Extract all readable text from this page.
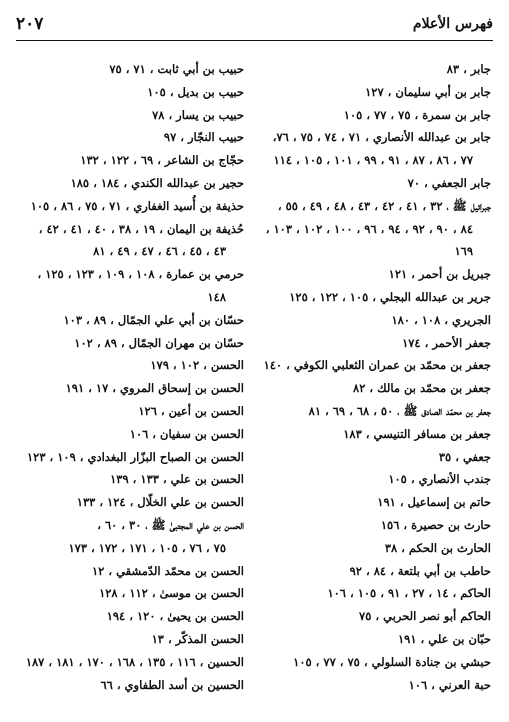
فهرس الأعلام
٢٠٧
جابر ، ٨٣
جابر بن أبي سليمان ، ١٢٧
جابر بن سمرة ، ٧٥ ، ٧٧ ، ١٠٥
جابر بن عبدالله الأنصاري ، ٧١ ، ٧٤ ، ٧٥ ، ٧٦،
٧٧ ، ٨٦ ، ٨٧ ، ٩١ ، ٩٩ ، ١٠١ ، ١٠٥ ، ١١٤
جابر الجعفي ، ٧٠
جبرائيل ﷺ ، ٣٢ ، ٤١ ، ٤٢ ، ٤٣ ، ٤٨ ، ٤٩ ، ٥٥ ،
٨٤ ، ٩٠ ، ٩٢ ، ٩٤ ، ٩٦ ، ١٠٠ ، ١٠٢ ، ١٠٣ ،
١٦٩
جبريل بن أحمر ، ١٢١
جرير بن عبدالله البجلي ، ١٠٥ ، ١٢٢ ، ١٢٥
الجريري ، ١٠٨ ، ١٨٠
جعفر الأحمر ، ١٧٤
جعفر بن محمّد بن عمران الثعلبي الكوفي ، ١٤٠
جعفر بن محمّد بن مالك ، ٨٢
جعفر بن محمّد الصادق ﷺ ، ٥٠ ، ٦٨ ، ٦٩ ، ٨١
جعفر بن مسافر التنيسي ، ١٨٣
جعفي ، ٣٥
جندب الأنصاري ، ١٠٥
حاتم بن إسماعيل ، ١٩١
حارث بن حصيرة ، ١٥٦
الحارث بن الحكم ، ٣٨
حاطب بن أبي بلتعة ، ٨٤ ، ٩٢
الحاكم ، ١٤ ، ٢٧ ، ٩١ ، ١٠٥ ، ١٠٦
الحاكم أبو نصر الحربي ، ٧٥
حبّان بن علي ، ١٩١
حبشي بن جنادة السلولي ، ٧٥ ، ٧٧ ، ١٠٥
حبة العرني ، ١٠٦
حبيب بن أبي ثابت ، ٧١ ، ٧٥
حبيب بن بديل ، ١٠٥
حبيب بن يسار ، ٧٨
حبيب النجّار ، ٩٧
حجّاج بن الشاعر ، ٦٩ ، ١٢٢ ، ١٣٢
حجير بن عبدالله الكندي ، ١٨٤ ، ١٨٥
حذيفة بن أُسيد الغفاري ، ٧١ ، ٧٥ ، ٨٦ ، ١٠٥
حُذيفة بن اليمان ، ١٩ ، ٣٨ ، ٤٠ ، ٤١ ، ٤٢ ،
٤٣ ، ٤٥ ، ٤٦ ، ٤٧ ، ٤٩ ، ٨١
حرمي بن عمارة ، ١٠٨ ، ١٠٩ ، ١٢٣ ، ١٢٥ ،
١٤٨
حسّان بن أبي علي الجمّال ، ٨٩ ، ١٠٣
حسّان بن مهران الجمّال ، ٨٩ ، ١٠٢
الحسن ، ١٠٢ ، ١٧٩
الحسن بن إسحاق المروي ، ١٧ ، ١٩١
الحسن بن أعين ، ١٢٦
الحسن بن سفيان ، ١٠٦
الحسن بن الصباح البزّار البغدادي ، ١٠٩ ، ١٢٣
الحسن بن علي ، ١٣٣ ، ١٣٩
الحسن بن علي الخلّال ، ١٢٤ ، ١٣٣
الحسن بن علي المجتبىٰ ﷺ ، ٣٠ ، ٦٠ ،
٧٥ ، ٧٦ ، ١٠٥ ، ١٧١ ، ١٧٢ ، ١٧٣
الحسن بن محمّد الدّمشقي ، ١٢
الحسن بن موسىٰ ، ١١٢ ، ١٢٨
الحسن بن يحيىٰ ، ١٢٠ ، ١٩٤
الحسن المذكّر ، ١٣
الحسين ، ١١٦ ، ١٣٥ ، ١٦٨ ، ١٧٠ ، ١٨١ ، ١٨٧
الحسين بن أسد الطفاوي ، ٦٦
